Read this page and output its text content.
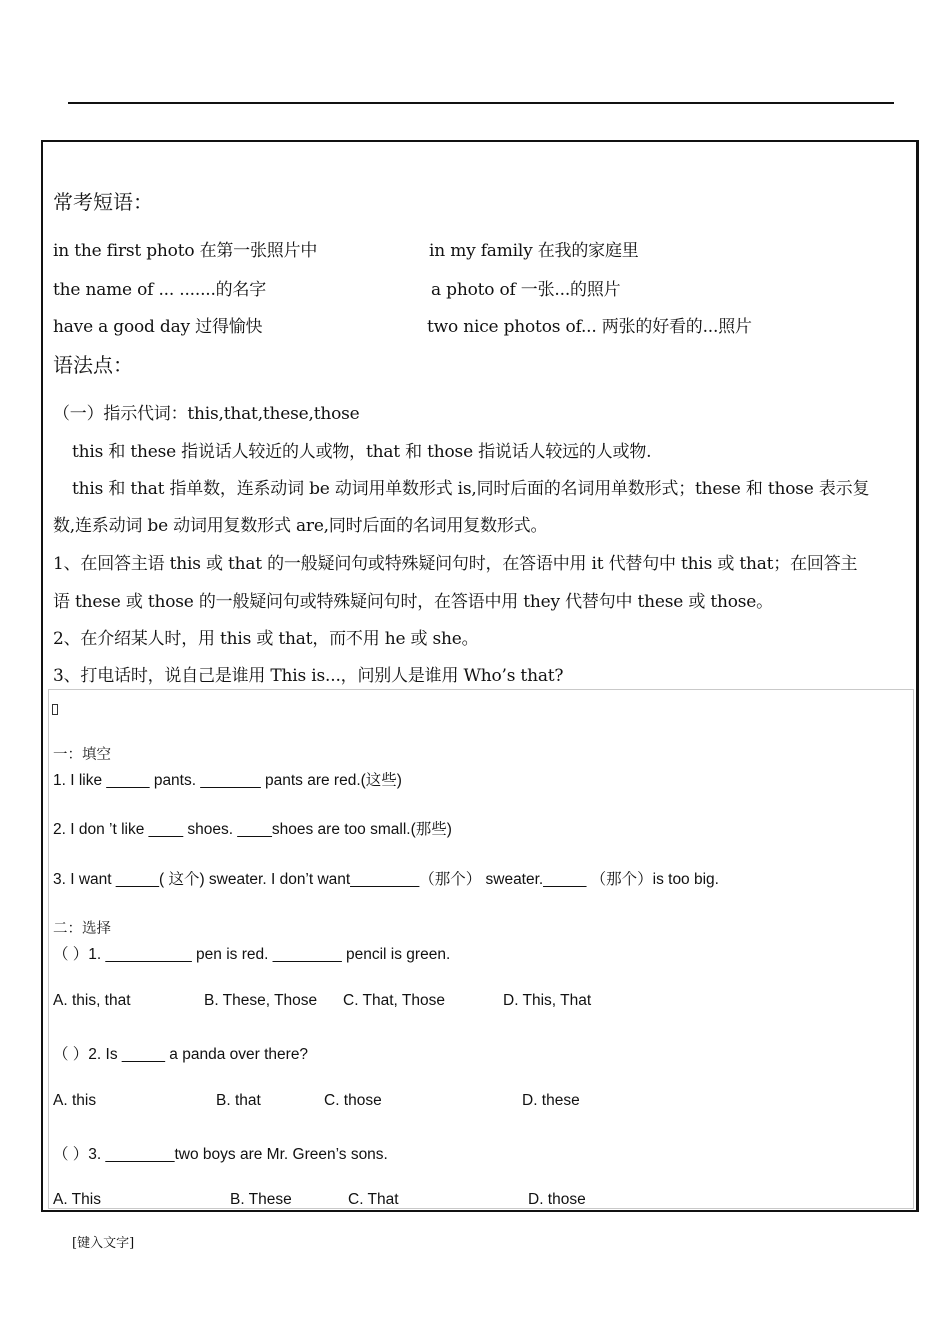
常考短语：
in the first photo 在第一张照片中	in my family 在我的家庭里
the name of ... .......的名字	a photo of 一张...的照片
have a good day 过得愉快	two nice photos of... 两张的好看的...照片
语法点：
（一）指示代词：this,that,these,those
this 和 these 指说话人较近的人或物，that 和 those 指说话人较远的人或物.
this 和 that 指单数，连系动词 be 动词用单数形式 is,同时后面的名词用单数形式；these 和 those 表示复
数,连系动词 be 动词用复数形式 are,同时后面的名词用复数形式。
1、在回答主语 this 或 that 的一般疑问句或特殊疑问句时，在答语中用 it 代替句中 this 或 that；在回答主
语 these 或 those 的一般疑问句或特殊疑问句时，在答语中用 they 代替句中 these 或 those。
2、在介绍某人时，用 this 或 that，而不用 he 或 she。
3、打电话时，说自己是谁用 This is...，问别人是谁用 Who’s that?
一：填空
1. I like _____ pants. _______ pants are red.(这些)
2. I don ’t like ____ shoes. ____shoes are too small.(那些)
3. I want _____( 这个) sweater. I don’t want________（那个） sweater._____ （那个）is too big.
二：选择
（ ）1. __________ pen is red. ________ pencil is green.
A. this, that	B. These, Those C. That, Those	D. This, That
（ ）2. Is _____ a panda over there?
A. this	B. that	C. those	D. these
（ ）3. ________two boys are Mr. Green’s sons.
A. This	B. These	C. That	D. those
[键入文字]
